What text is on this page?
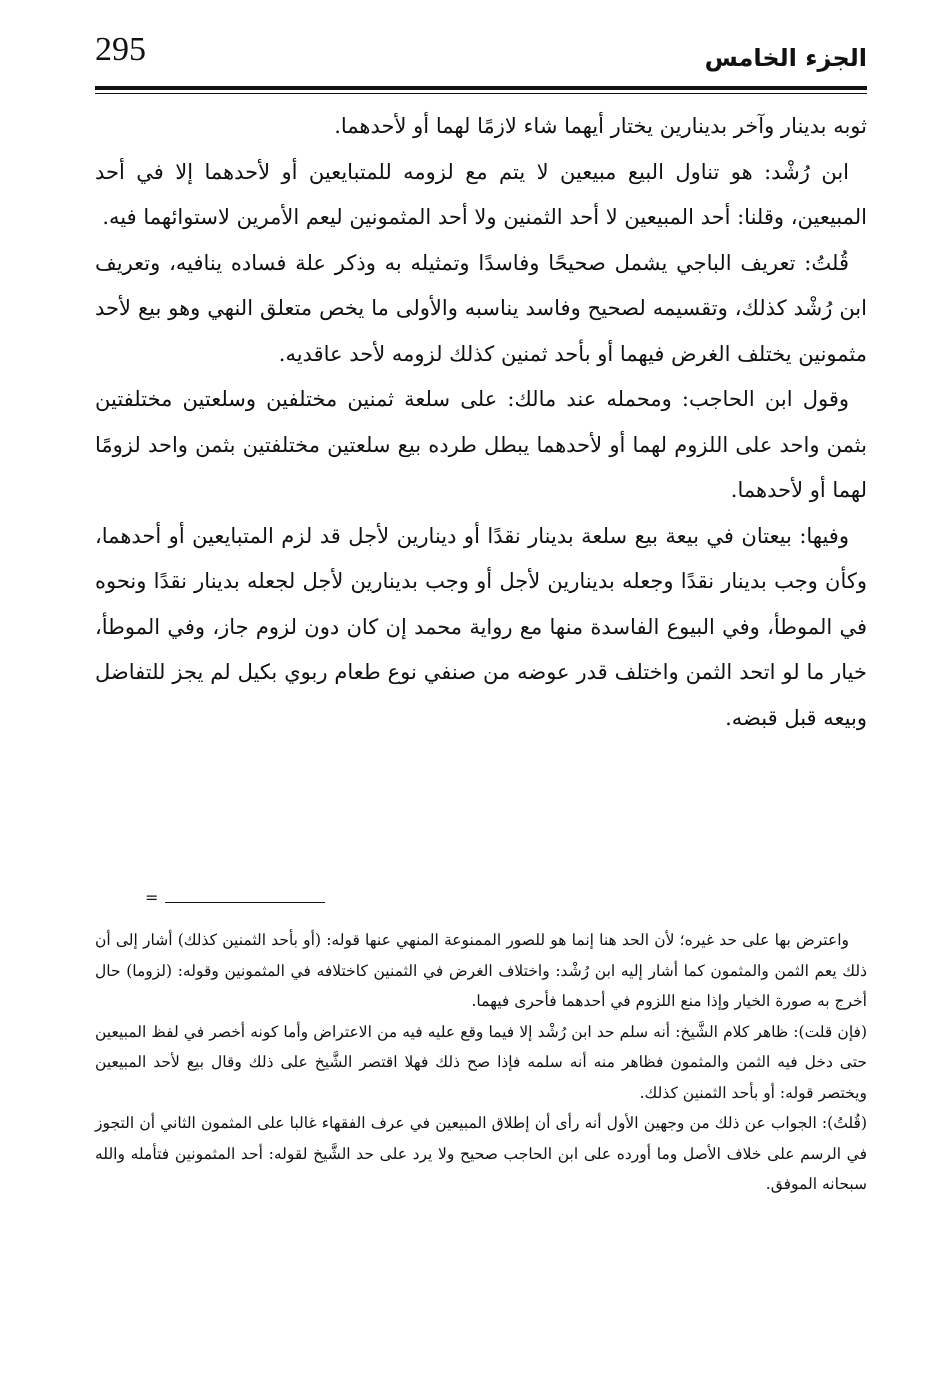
295	الجزء الخامس

ثوبه بدينار وآخر بدينارين يختار أيهما شاء لازمًا لهما أو لأحدهما.

ابن رُشْد: هو تناول البيع مبيعين لا يتم مع لزومه للمتبايعين أو لأحدهما إلا في أحد المبيعين، وقلنا: أحد المبيعين لا أحد الثمنين ولا أحد المثمونين ليعم الأمرين لاستوائهما فيه.

قُلتُ: تعريف الباجي يشمل صحيحًا وفاسدًا وتمثيله به وذكر علة فساده ينافيه، وتعريف ابن رُشْد كذلك، وتقسيمه لصحيح وفاسد يناسبه والأولى ما يخص متعلق النهي وهو بيع لأحد مثمونين يختلف الغرض فيهما أو بأحد ثمنين كذلك لزومه لأحد عاقديه.

وقول ابن الحاجب: ومحمله عند مالك: على سلعة ثمنين مختلفين وسلعتين مختلفتين بثمن واحد على اللزوم لهما أو لأحدهما يبطل طرده بيع سلعتين مختلفتين بثمن واحد لزومًا لهما أو لأحدهما.

وفيها: بيعتان في بيعة بيع سلعة بدينار نقدًا أو دينارين لأجل قد لزم المتبايعين أو أحدهما، وكأن وجب بدينار نقدًا وجعله بدينارين لأجل أو وجب بدينارين لأجل لجعله بدينار نقدًا ونحوه في الموطأ، وفي البيوع الفاسدة منها مع رواية محمد إن كان دون لزوم جاز، وفي الموطأ، خيار ما لو اتحد الثمن واختلف قدر عوضه من صنفي نوع طعام ربوي بكيل لم يجز للتفاضل وبيعه قبل قبضه.

=

واعترض بها على حد غيره؛ لأن الحد هنا إنما هو للصور الممنوعة المنهي عنها قوله: (أو بأحد الثمنين كذلك) أشار إلى أن ذلك يعم الثمن والمثمون كما أشار إليه ابن رُشْد: واختلاف الغرض في الثمنين كاختلافه في المثمونين وقوله: (لزوما) حال أخرج به صورة الخيار وإذا منع اللزوم في أحدهما فأحرى فيهما.

(فإن قلت): ظاهر كلام الشَّيخ: أنه سلم حد ابن رُشْد إلا فيما وقع عليه فيه من الاعتراض وأما كونه أخصر في لفظ المبيعين حتى دخل فيه الثمن والمثمون فظاهر منه أنه سلمه فإذا صح ذلك فهلا اقتصر الشَّيخ على ذلك وقال بيع لأحد المبيعين ويختصر قوله: أو بأحد الثمنين كذلك.

(قُلتُ): الجواب عن ذلك من وجهين الأول أنه رأى أن إطلاق المبيعين في عرف الفقهاء غالبا على المثمون الثاني أن التجوز في الرسم على خلاف الأصل وما أورده على ابن الحاجب صحيح ولا يرد على حد الشَّيخ لقوله: أحد المثمونين فتأمله والله سبحانه الموفق.
